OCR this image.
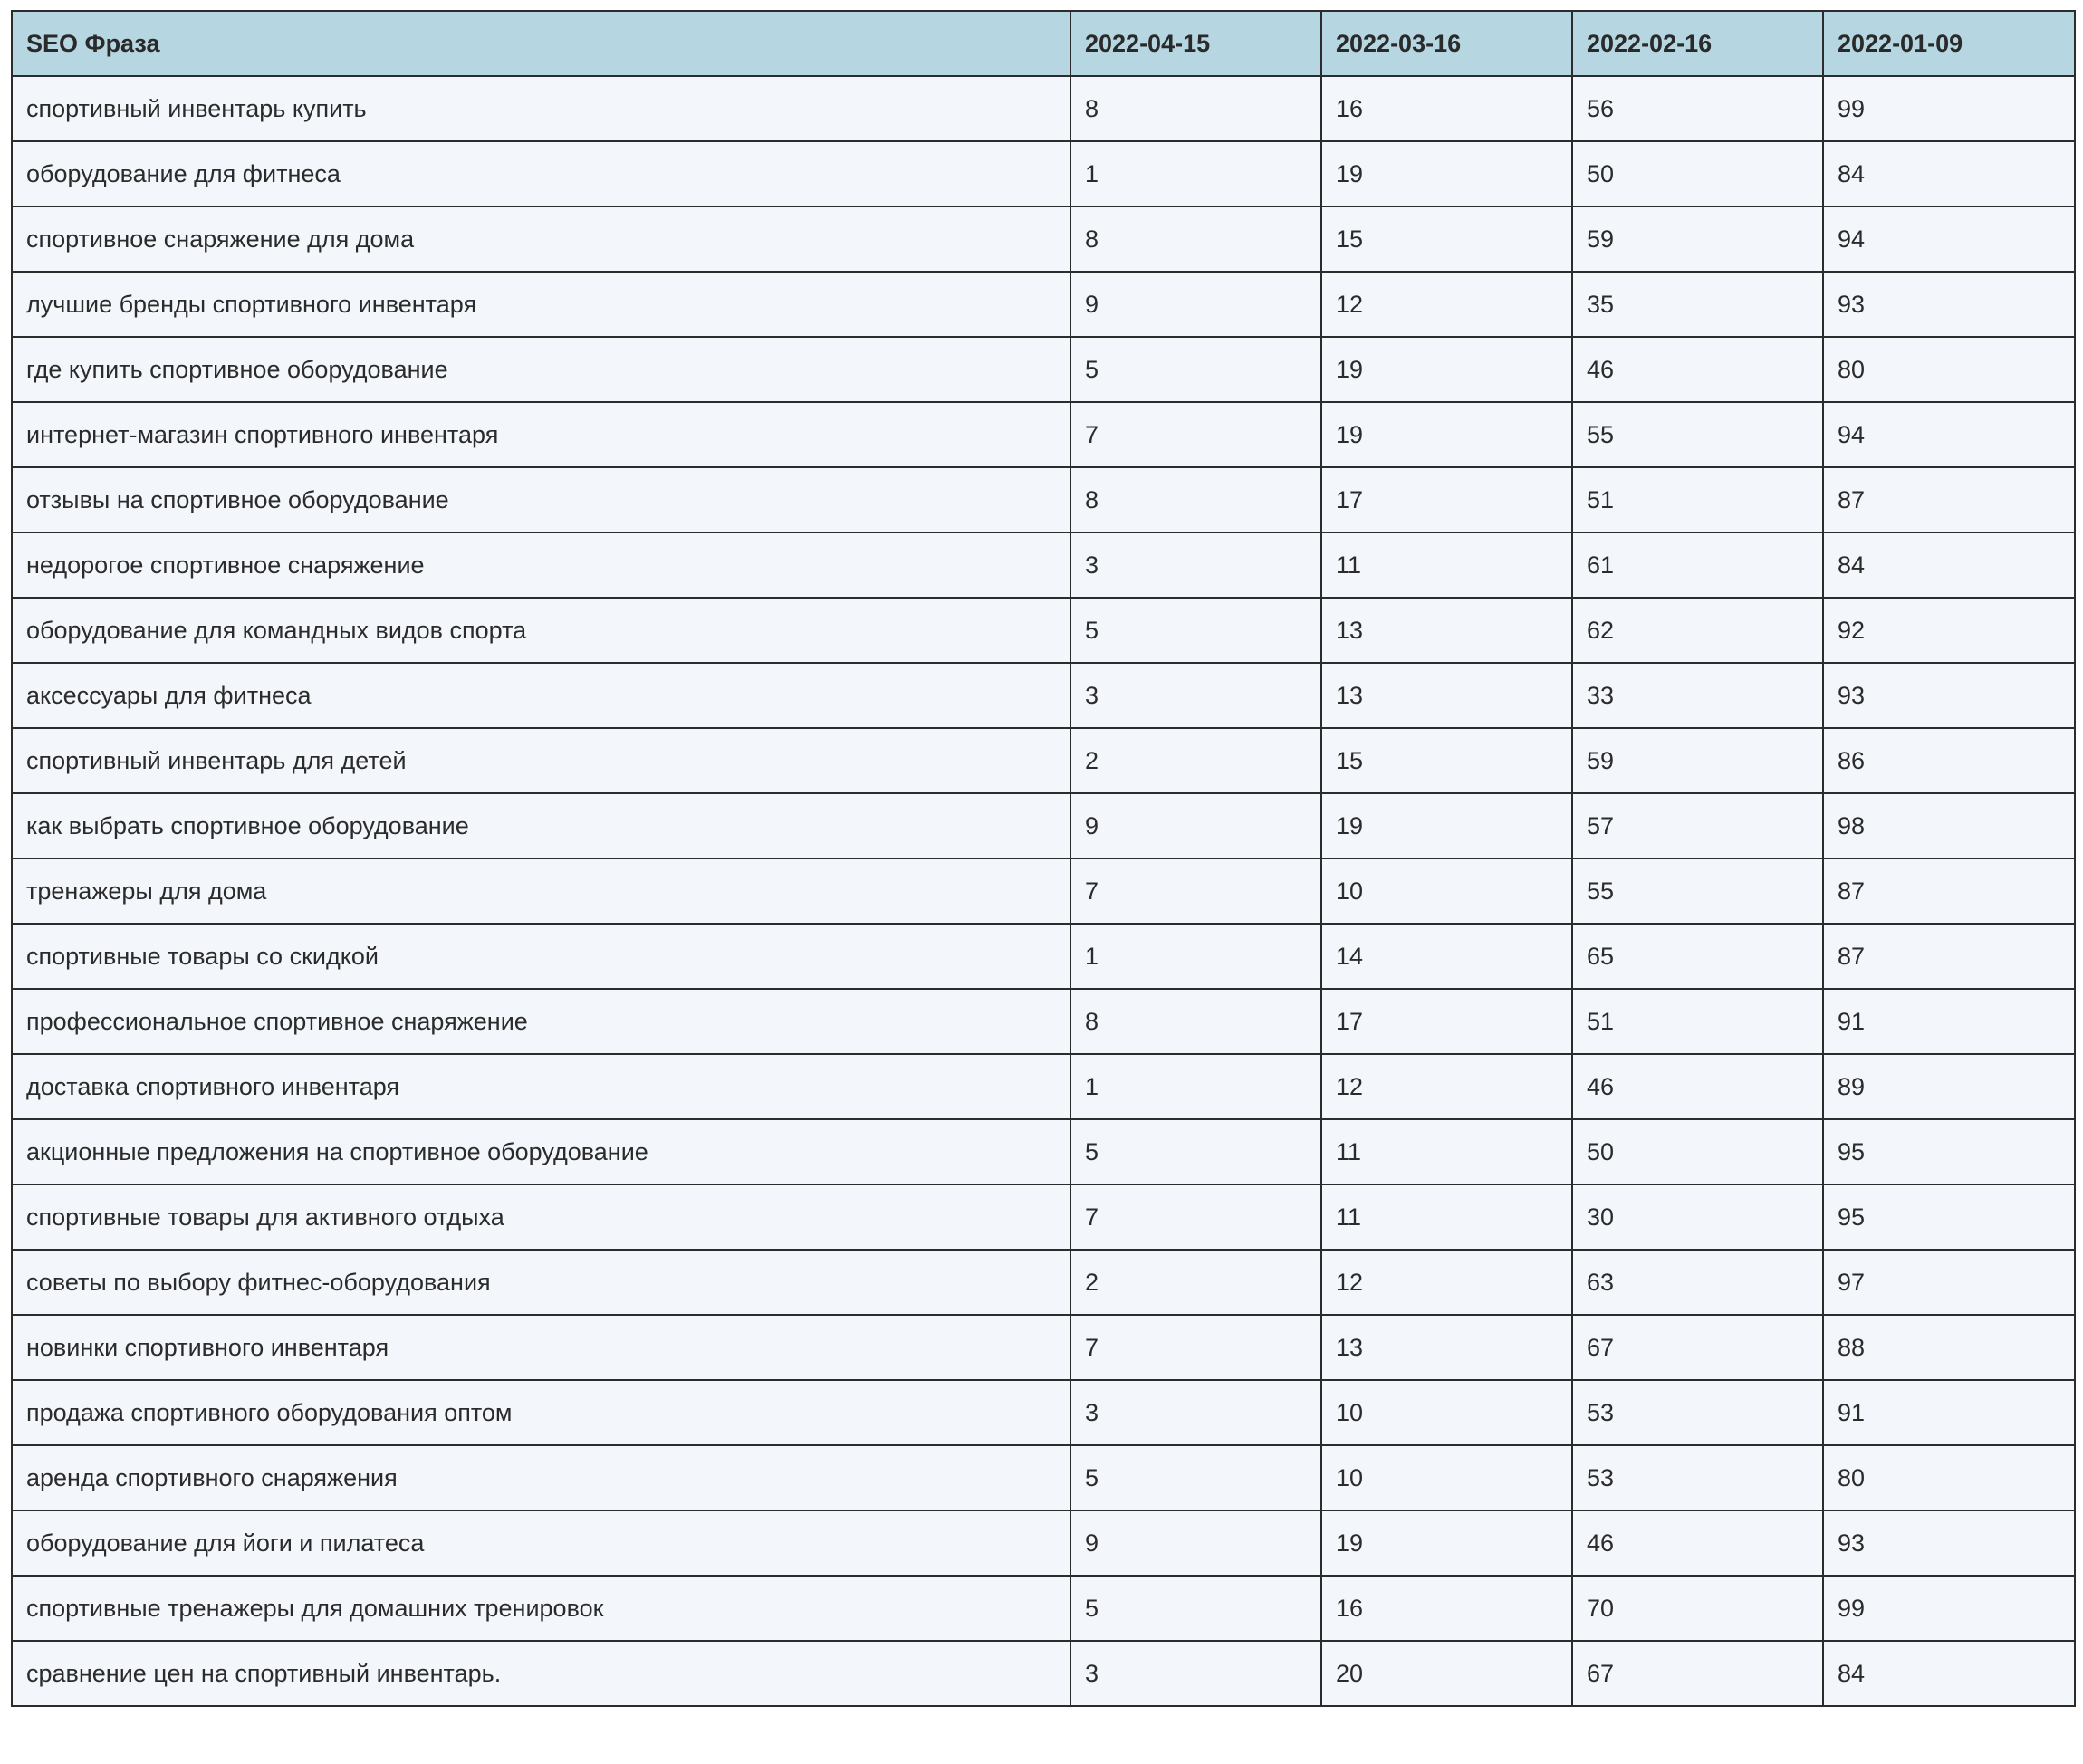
SEO Фраза	2022-04-15	2022-03-16	2022-02-16	2022-01-09
спортивный инвентарь купить	8	16	56	99
оборудование для фитнеса	1	19	50	84
спортивное снаряжение для дома	8	15	59	94
лучшие бренды спортивного инвентаря	9	12	35	93
где купить спортивное оборудование	5	19	46	80
интернет-магазин спортивного инвентаря	7	19	55	94
отзывы на спортивное оборудование	8	17	51	87
недорогое спортивное снаряжение	3	11	61	84
оборудование для командных видов спорта	5	13	62	92
аксессуары для фитнеса	3	13	33	93
спортивный инвентарь для детей	2	15	59	86
как выбрать спортивное оборудование	9	19	57	98
тренажеры для дома	7	10	55	87
спортивные товары со скидкой	1	14	65	87
профессиональное спортивное снаряжение	8	17	51	91
доставка спортивного инвентаря	1	12	46	89
акционные предложения на спортивное оборудование	5	11	50	95
спортивные товары для активного отдыха	7	11	30	95
советы по выбору фитнес-оборудования	2	12	63	97
новинки спортивного инвентаря	7	13	67	88
продажа спортивного оборудования оптом	3	10	53	91
аренда спортивного снаряжения	5	10	53	80
оборудование для йоги и пилатеса	9	19	46	93
спортивные тренажеры для домашних тренировок	5	16	70	99
сравнение цен на спортивный инвентарь.	3	20	67	84
